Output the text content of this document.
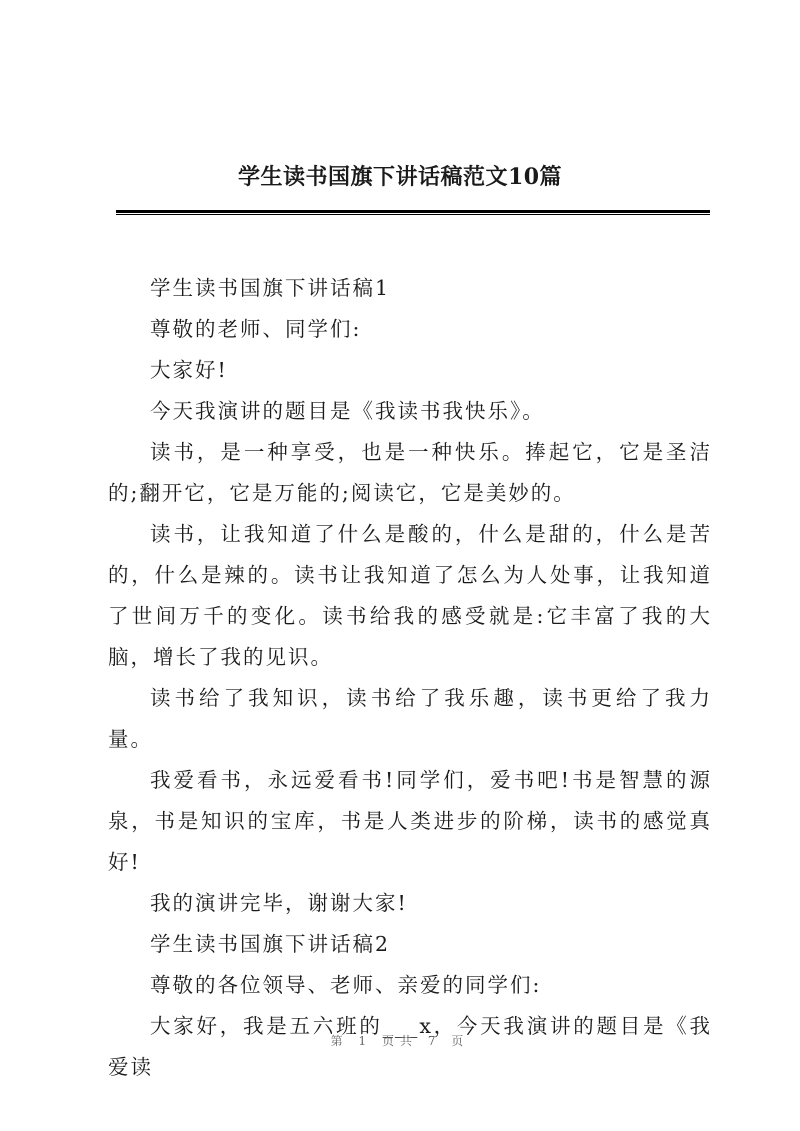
学生读书国旗下讲话稿范文10篇

学生读书国旗下讲话稿1

尊敬的老师、同学们:

大家好!

今天我演讲的题目是《我读书我快乐》。

读书，是一种享受，也是一种快乐。捧起它，它是圣洁的;翻开它，它是万能的;阅读它，它是美妙的。

读书，让我知道了什么是酸的，什么是甜的，什么是苦的，什么是辣的。读书让我知道了怎么为人处事，让我知道了世间万千的变化。读书给我的感受就是:它丰富了我的大脑，增长了我的见识。

读书给了我知识，读书给了我乐趣，读书更给了我力量。

我爱看书，永远爱看书!同学们，爱书吧!书是智慧的源泉，书是知识的宝库，书是人类进步的阶梯，读书的感觉真好!

我的演讲完毕，谢谢大家!

学生读书国旗下讲话稿2

尊敬的各位领导、老师、亲爱的同学们:

大家好，我是五六班的___x，今天我演讲的题目是《我爱读

第 1 页共 7 页
